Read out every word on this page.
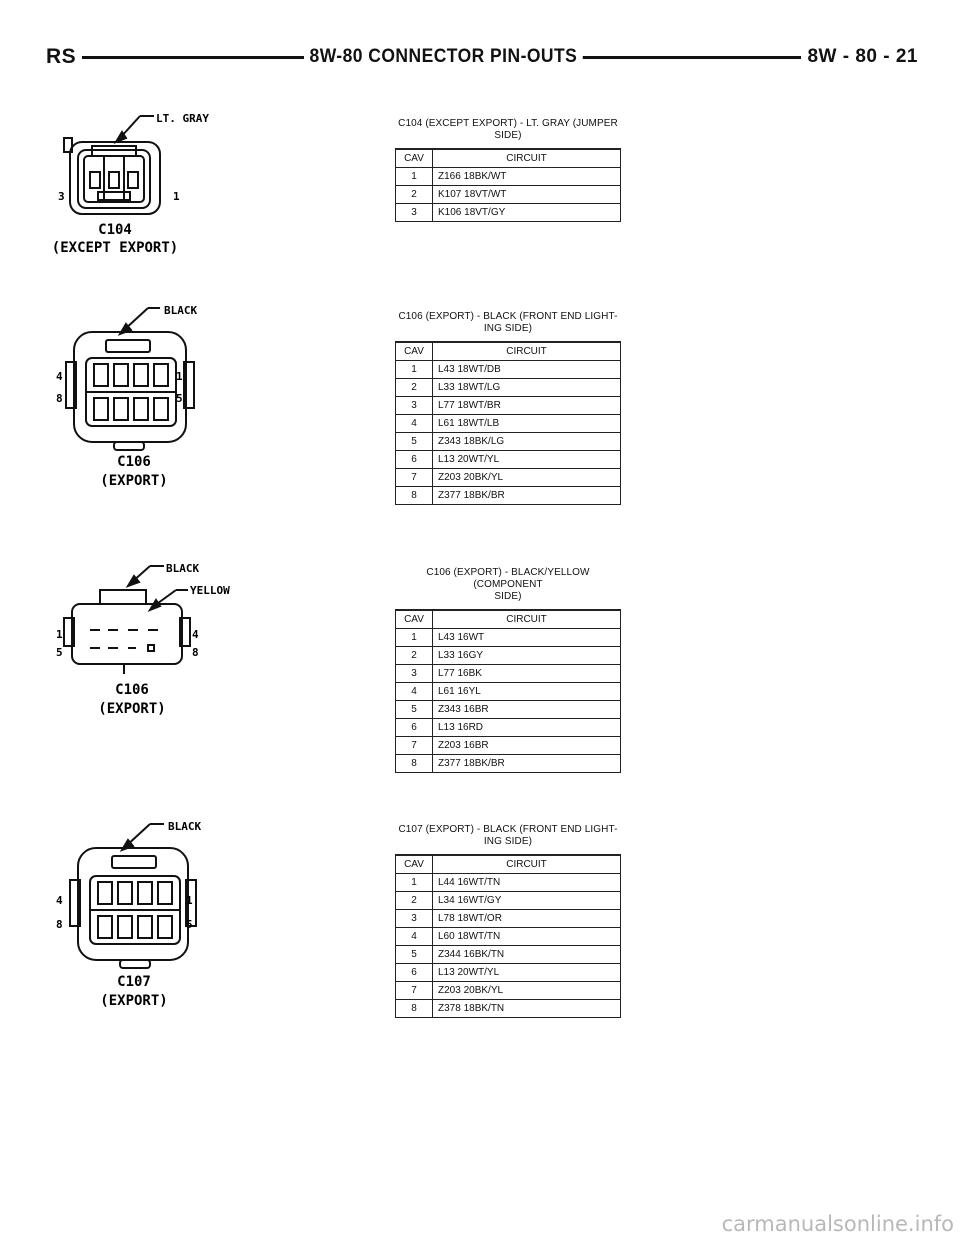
RS	8W-80 CONNECTOR PIN-OUTS	8W - 80 - 21
LT. GRAY
3	1
C104
(EXCEPT EXPORT)
BLACK
4
8
1
5
C106
(EXPORT)
BLACK
YELLOW
1
5
4
8
C106
(EXPORT)
BLACK
4
8
1
5
C107
(EXPORT)
C104 (EXCEPT EXPORT) - LT. GRAY (JUMPER
SIDE)
CAV	CIRCUIT
1	Z166 18BK/WT
2	K107 18VT/WT
3	K106 18VT/GY
C106 (EXPORT) - BLACK (FRONT END LIGHT-
ING SIDE)
CAV	CIRCUIT
1	L43 18WT/DB
2	L33 18WT/LG
3	L77 18WT/BR
4	L61 18WT/LB
5	Z343 18BK/LG
6	L13 20WT/YL
7	Z203 20BK/YL
8	Z377 18BK/BR
C106 (EXPORT) - BLACK/YELLOW (COMPONENT
SIDE)
CAV	CIRCUIT
1	L43 16WT
2	L33 16GY
3	L77 16BK
4	L61 16YL
5	Z343 16BR
6	L13 16RD
7	Z203 16BR
8	Z377 18BK/BR
C107 (EXPORT) - BLACK (FRONT END LIGHT-
ING SIDE)
CAV	CIRCUIT
1	L44 16WT/TN
2	L34 16WT/GY
3	L78 18WT/OR
4	L60 18WT/TN
5	Z344 16BK/TN
6	L13 20WT/YL
7	Z203 20BK/YL
8	Z378 18BK/TN
carmanualsonline.info
